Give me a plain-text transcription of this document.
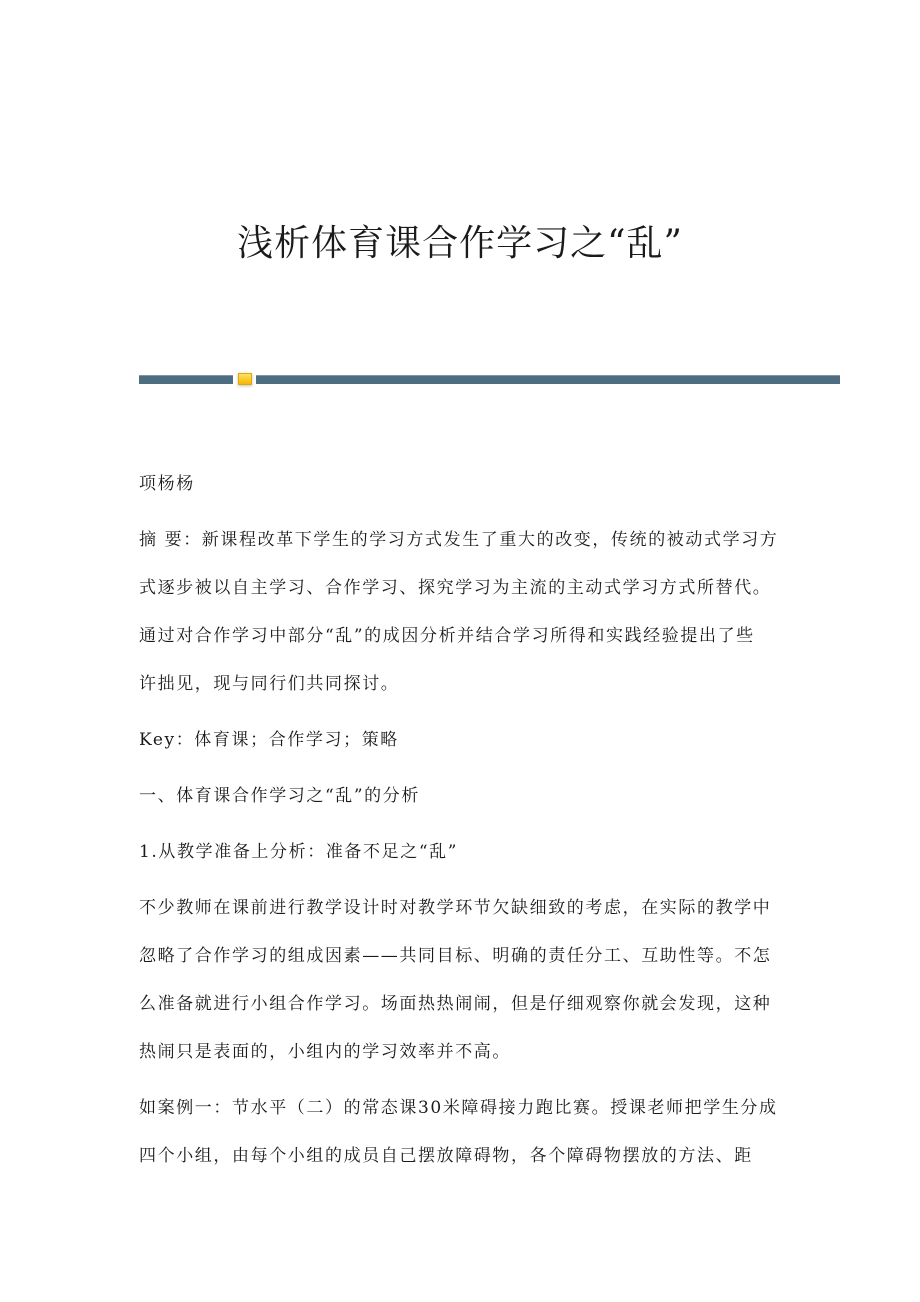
浅析体育课合作学习之“乱”
项杨杨
摘 要：新课程改革下学生的学习方式发生了重大的改变，传统的被动式学习方
式逐步被以自主学习、合作学习、探究学习为主流的主动式学习方式所替代。
通过对合作学习中部分“乱”的成因分析并结合学习所得和实践经验提出了些
许拙见，现与同行们共同探讨。
Key：体育课；合作学习；策略
一、体育课合作学习之“乱”的分析
1.从教学准备上分析：准备不足之“乱”
不少教师在课前进行教学设计时对教学环节欠缺细致的考虑，在实际的教学中
忽略了合作学习的组成因素——共同目标、明确的责任分工、互助性等。不怎
么准备就进行小组合作学习。场面热热闹闹，但是仔细观察你就会发现，这种
热闹只是表面的，小组内的学习效率并不高。
如案例一：节水平（二）的常态课30米障碍接力跑比赛。授课老师把学生分成
四个小组，由每个小组的成员自己摆放障碍物，各个障碍物摆放的方法、距
